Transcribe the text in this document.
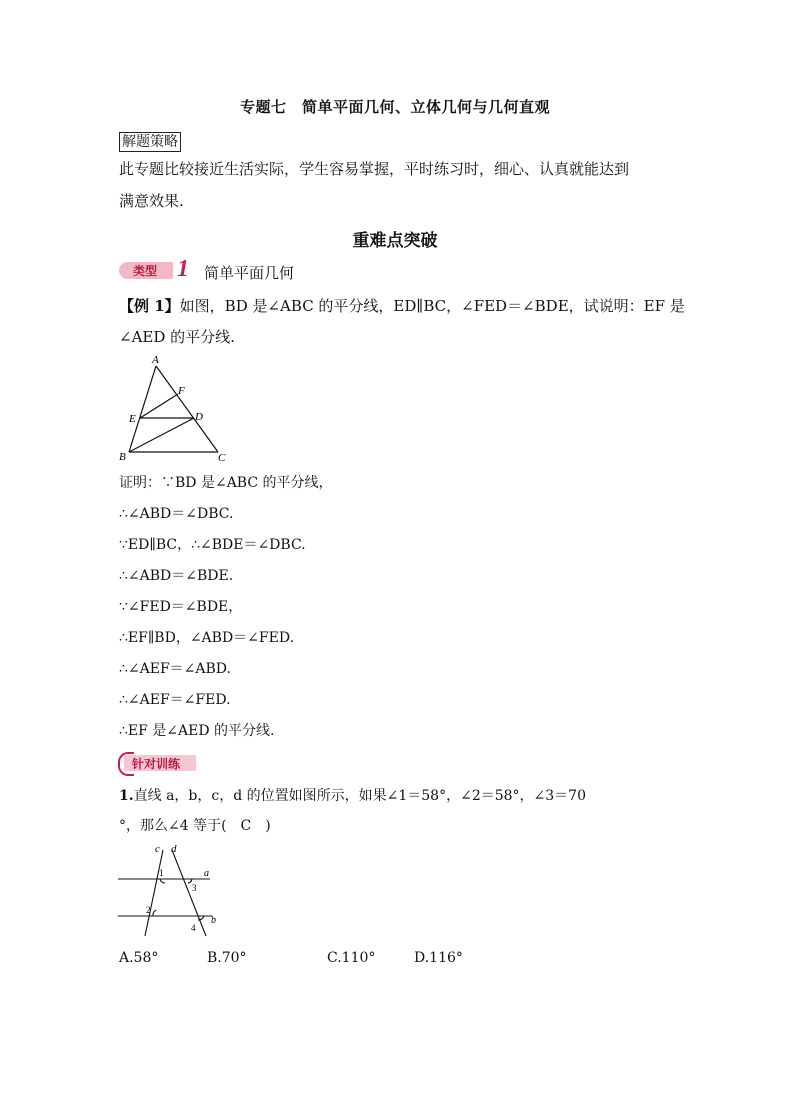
专题七　简单平面几何、立体几何与几何直观
解题策略
此专题比较接近生活实际，学生容易掌握，平时练习时，细心、认真就能达到
满意效果.
重难点突破
类型 1 简单平面几何
【例 1】如图，BD 是∠ABC 的平分线，ED∥BC，∠FED＝∠BDE，试说明：EF 是
∠AED 的平分线.
A
F
E	D
B	C
证明：∵BD 是∠ABC 的平分线，
∴∠ABD＝∠DBC.
∵ED∥BC，∴∠BDE＝∠DBC.
∴∠ABD＝∠BDE.
∵∠FED＝∠BDE，
∴EF∥BD，∠ABD＝∠FED.
∴∠AEF＝∠ABD.
∴∠AEF＝∠FED.
∴EF 是∠AED 的平分线.
针对训练
1.直线 a，b，c，d 的位置如图所示，如果∠1＝58°，∠2＝58°，∠3＝70
°，那么∠4 等于(　C　)
c d
a
b
1
2
3
4
A.58°	B.70°	C.110°	D.116°
